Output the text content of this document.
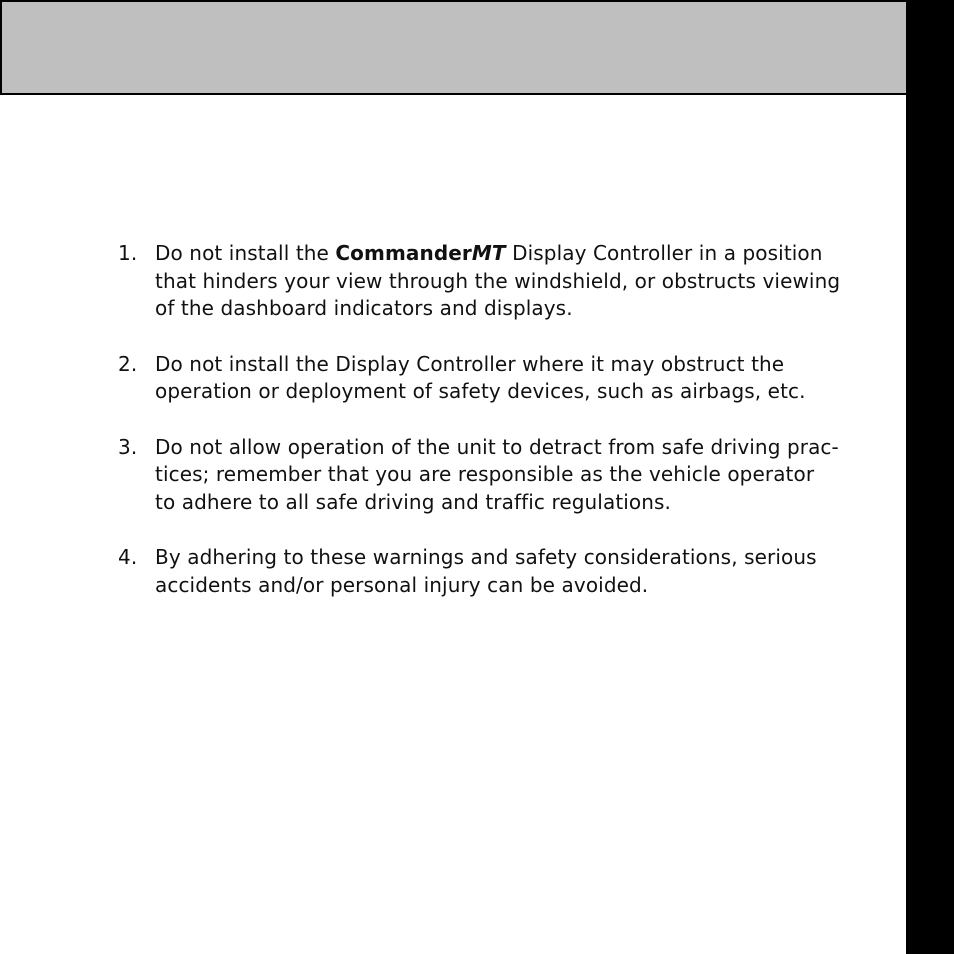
1. Do not install the CommanderMT Display Controller in a position
that hinders your view through the windshield, or obstructs viewing
of the dashboard indicators and displays.
2. Do not install the Display Controller where it may obstruct the
operation or deployment of safety devices, such as airbags, etc.
3. Do not allow operation of the unit to detract from safe driving prac-
tices; remember that you are responsible as the vehicle operator
to adhere to all safe driving and traffic regulations.
4. By adhering to these warnings and safety considerations, serious
accidents and/or personal injury can be avoided.
